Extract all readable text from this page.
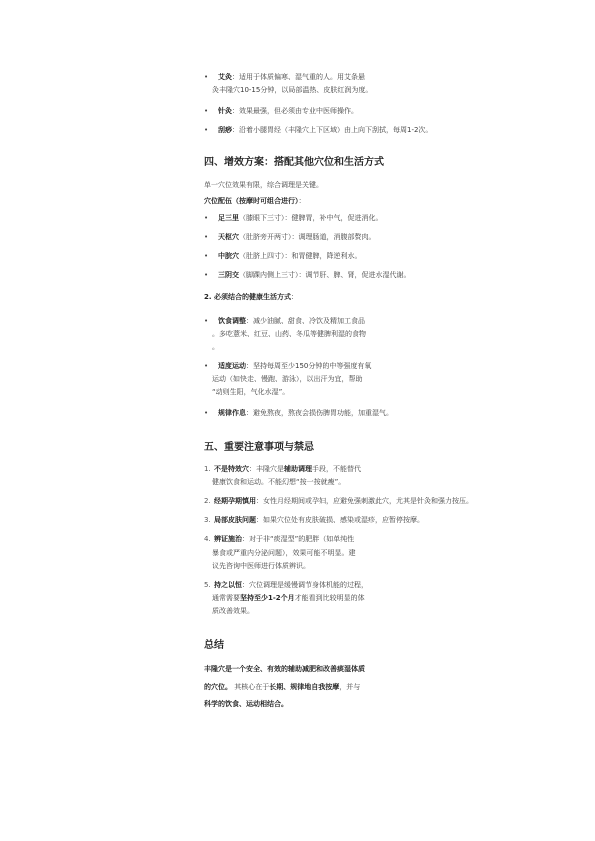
• 艾灸：适用于体质偏寒、湿气重的人。用艾条悬
灸丰隆穴10-15分钟，以局部温热、皮肤红润为度。
• 针灸：效果最强，但必须由专业中医师操作。
• 刮痧：沿着小腿胃经（丰隆穴上下区域）由上向下刮拭，每周1-2次。
四、增效方案：搭配其他穴位和生活方式
单一穴位效果有限，综合调理是关键。
穴位配伍（按摩时可组合进行）：
• 足三里（膝眼下三寸）：健脾胃，补中气，促进消化。
• 天枢穴（肚脐旁开两寸）：调理肠道，消腹部赘肉。
• 中脘穴（肚脐上四寸）：和胃健脾，降逆利水。
• 三阴交（脚踝内侧上三寸）：调节肝、脾、肾，促进水湿代谢。
2. 必须结合的健康生活方式：
• 饮食调整：减少油腻、甜食、冷饮及精加工食品
。多吃薏米、红豆、山药、冬瓜等健脾利湿的食物
。
• 适度运动：坚持每周至少150分钟的中等强度有氧
运动（如快走、慢跑、游泳），以出汗为宜，帮助
“动则生阳，气化水湿”。
• 规律作息：避免熬夜，熬夜会损伤脾胃功能，加重湿气。
五、重要注意事项与禁忌
1. 不是特效穴：丰隆穴是辅助调理手段，不能替代
健康饮食和运动。不能幻想“按一按就瘦”。
2. 经期孕期慎用：女性月经期间或孕妇，应避免强刺激此穴，尤其是针灸和强力按压。
3. 局部皮肤问题：如果穴位处有皮肤破损、感染或湿疹，应暂停按摩。
4. 辨证施治：对于非“痰湿型”的肥胖（如单纯性
暴食或严重内分泌问题），效果可能不明显。建
议先咨询中医师进行体质辨识。
5. 持之以恒：穴位调理是缓慢调节身体机能的过程，
通常需要坚持至少1-2个月才能看到比较明显的体
质改善效果。
总结
丰隆穴是一个安全、有效的辅助减肥和改善痰湿体质
的穴位。 其核心在于长期、规律地自我按摩，并与
科学的饮食、运动相结合。
